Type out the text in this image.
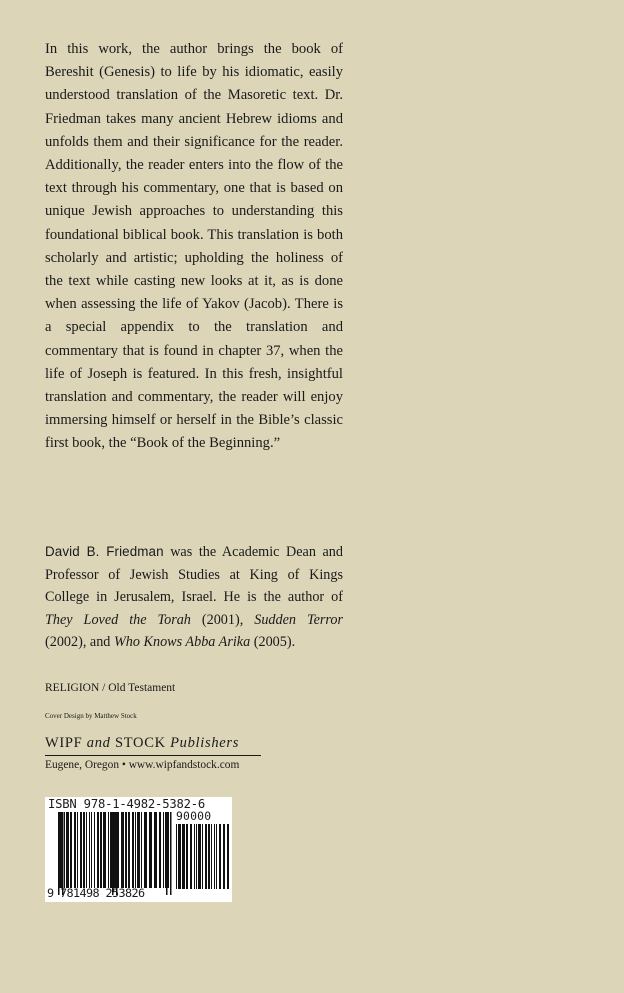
In this work, the author brings the book of Bereshit (Genesis) to life by his idiomatic, easily understood translation of the Masoretic text. Dr. Friedman takes many ancient Hebrew idioms and unfolds them and their significance for the reader. Additionally, the reader enters into the flow of the text through his commentary, one that is based on unique Jewish approaches to understanding this foundational biblical book. This translation is both scholarly and artistic; upholding the holiness of the text while casting new looks at it, as is done when assessing the life of Yakov (Jacob). There is a special appendix to the translation and commentary that is found in chapter 37, when the life of Joseph is featured. In this fresh, insightful translation and commentary, the reader will enjoy immersing himself or herself in the Bible’s classic first book, the “Book of the Beginning.”

David B. Friedman was the Academic Dean and Professor of Jewish Studies at King of Kings College in Jerusalem, Israel. He is the author of They Loved the Torah (2001), Sudden Terror (2002), and Who Knows Abba Arika (2005).

RELIGION / Old Testament
Cover Design by Matthew Stock
WIPF and STOCK Publishers
Eugene, Oregon • www.wipfandstock.com
ISBN 978-1-4982-5382-6
90000
9 781498 253826
